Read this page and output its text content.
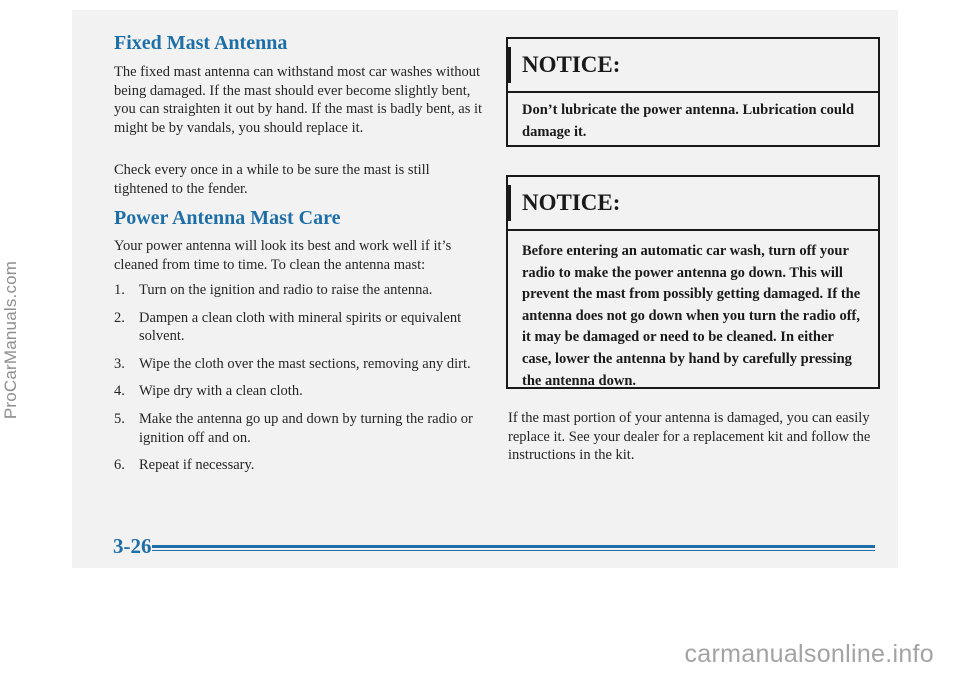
ProCarManuals.com
Fixed Mast Antenna

The fixed mast antenna can withstand most car washes without being damaged. If the mast should ever become slightly bent, you can straighten it out by hand. If the mast is badly bent, as it might be by vandals, you should replace it.

Check every once in a while to be sure the mast is still tightened to the fender.

Power Antenna Mast Care

Your power antenna will look its best and work well if it’s cleaned from time to time. To clean the antenna mast:

1. Turn on the ignition and radio to raise the antenna.
2. Dampen a clean cloth with mineral spirits or equivalent solvent.
3. Wipe the cloth over the mast sections, removing any dirt.
4. Wipe dry with a clean cloth.
5. Make the antenna go up and down by turning the radio or ignition off and on.
6. Repeat if necessary.
NOTICE:
Don’t lubricate the power antenna. Lubrication could damage it.
NOTICE:
Before entering an automatic car wash, turn off your radio to make the power antenna go down. This will prevent the mast from possibly getting damaged. If the antenna does not go down when you turn the radio off, it may be damaged or need to be cleaned. In either case, lower the antenna by hand by carefully pressing the antenna down.

If the mast portion of your antenna is damaged, you can easily replace it. See your dealer for a replacement kit and follow the instructions in the kit.

3-26
carmanualsonline.info
